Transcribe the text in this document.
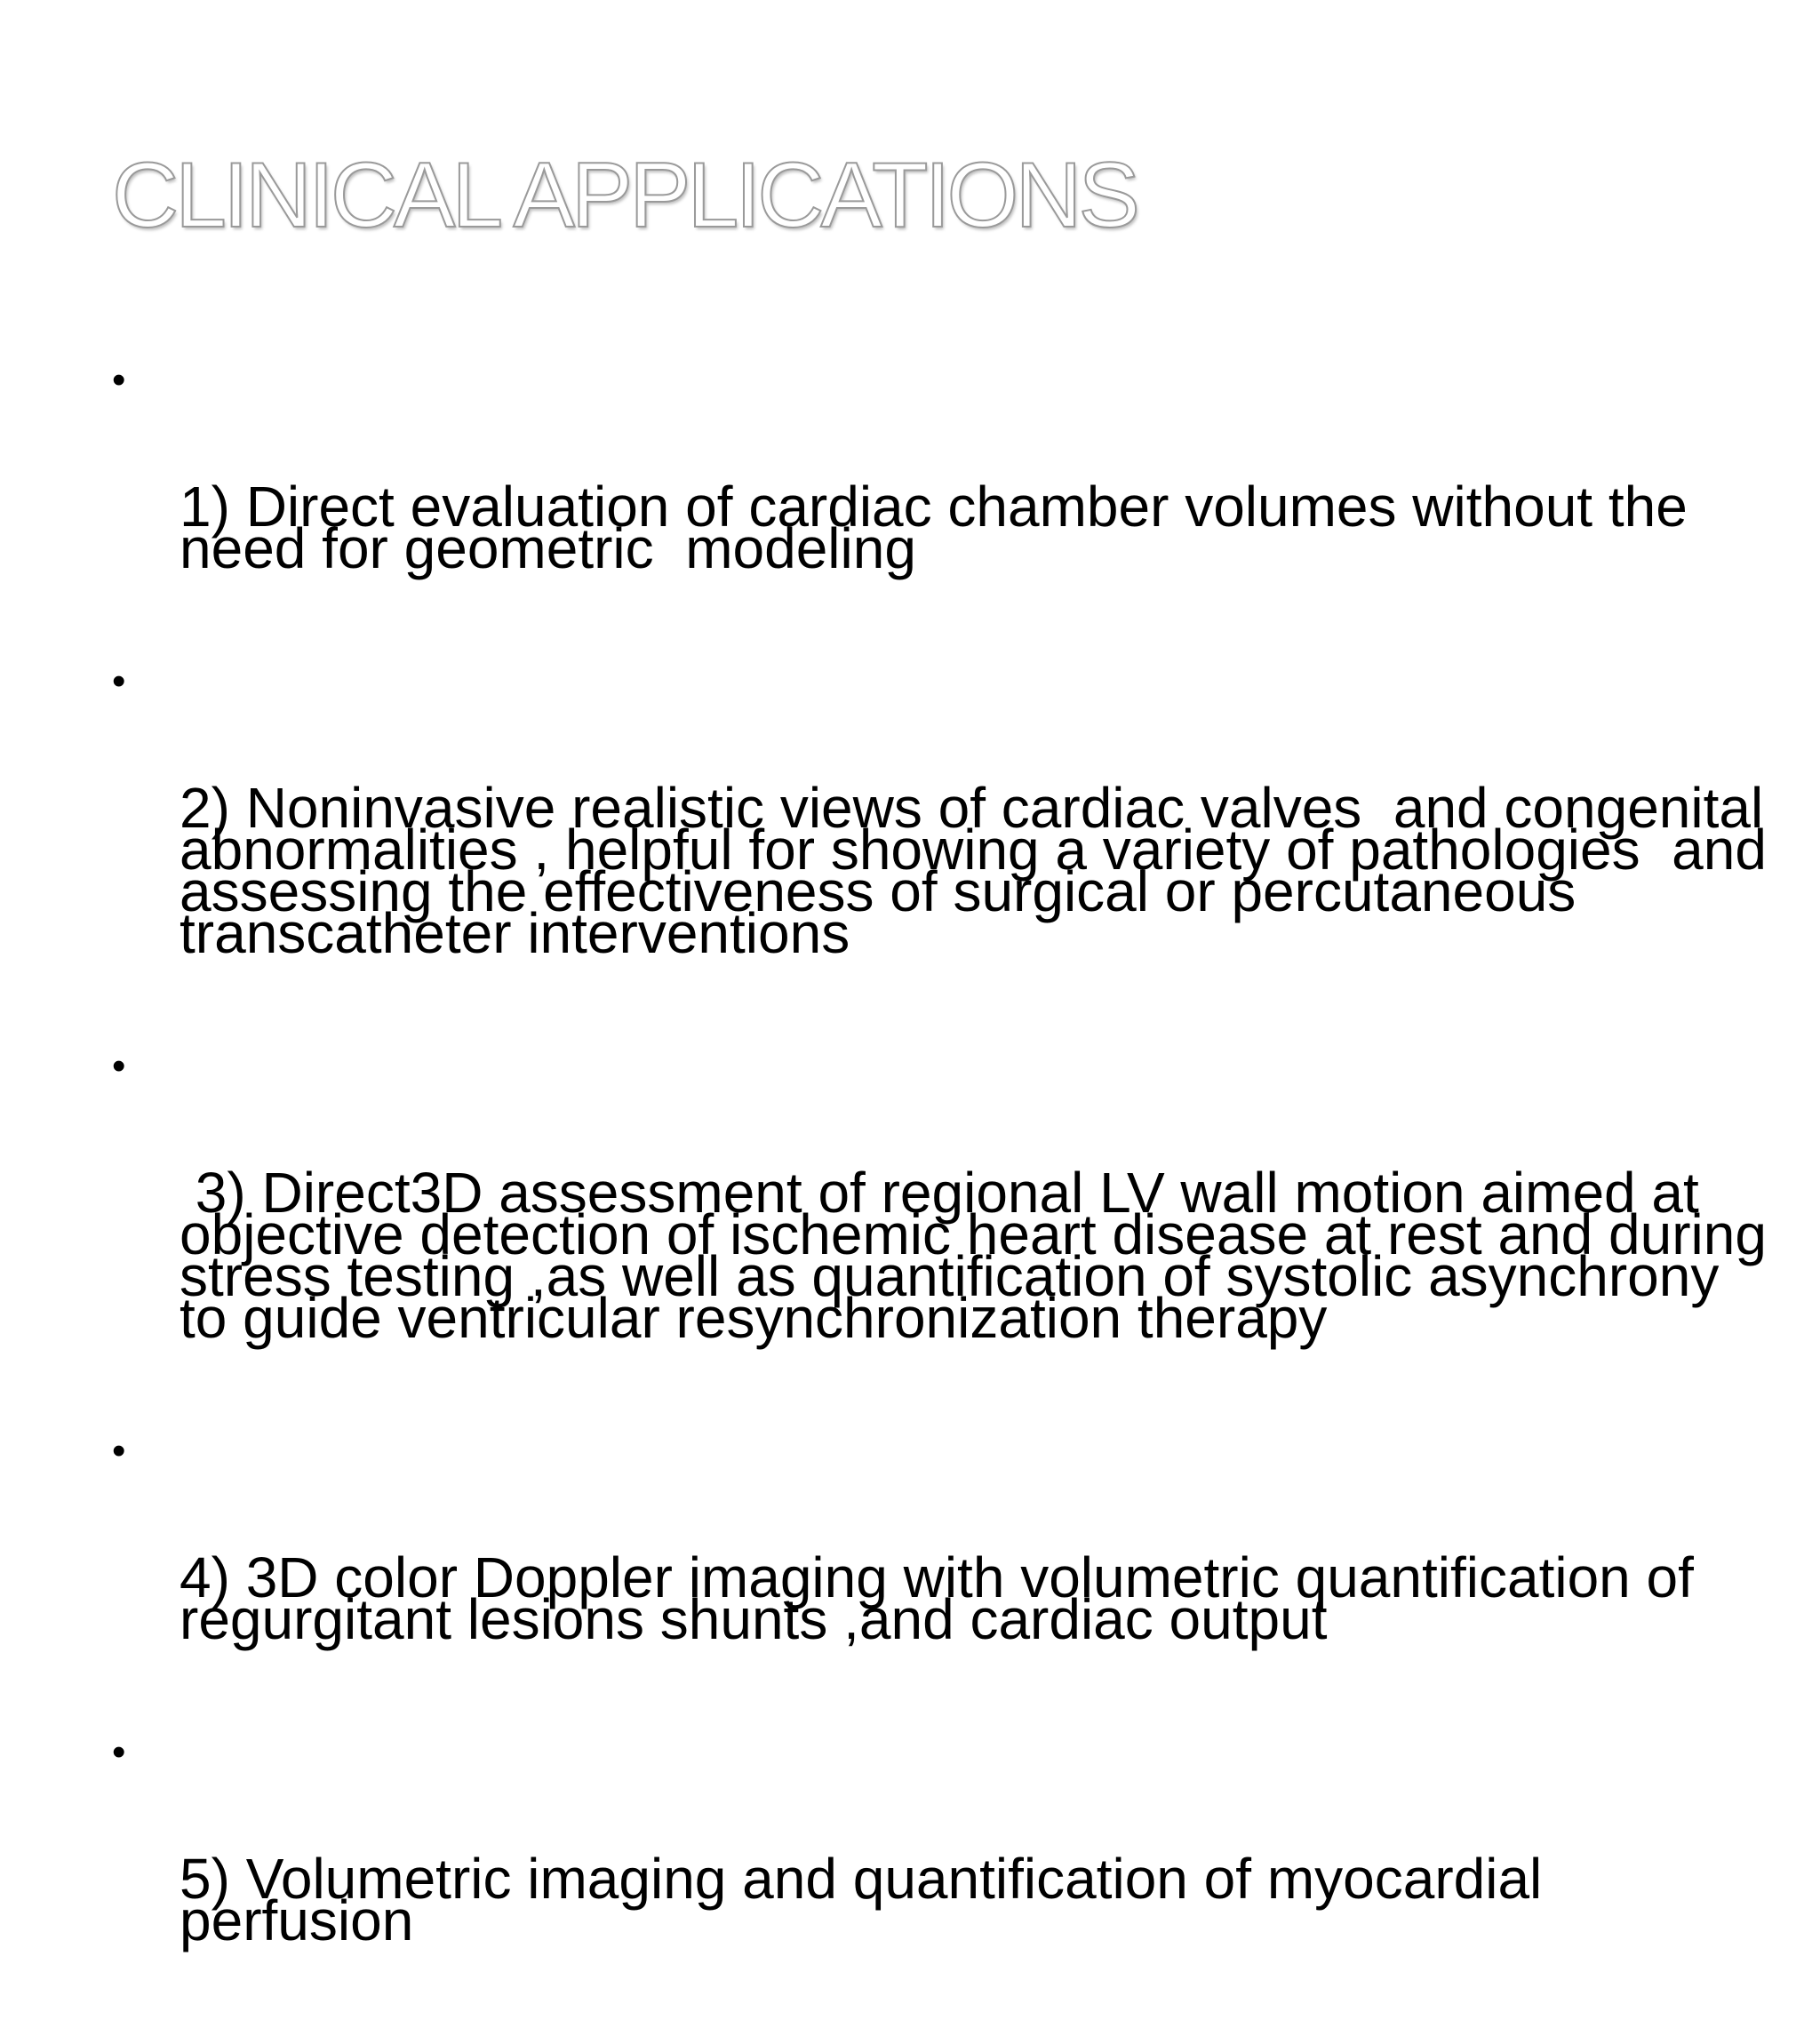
CLINICAL APPLICATIONS

•

1) Direct evaluation of cardiac chamber volumes without the need for geometric  modeling

•

2) Noninvasive realistic views of cardiac valves  and congenital abnormalities , helpful for showing a variety of pathologies  and assessing the effectiveness of surgical or percutaneous transcatheter interventions

•

3) Direct3D assessment of regional LV wall motion aimed at objective detection of ischemic heart disease at rest and during stress testing ,as well as quantification of systolic asynchrony to guide ventricular resynchronization therapy

•

4) 3D color Doppler imaging with volumetric quantification of regurgitant lesions shunts ,and cardiac output

•

5) Volumetric imaging and quantification of myocardial perfusion
